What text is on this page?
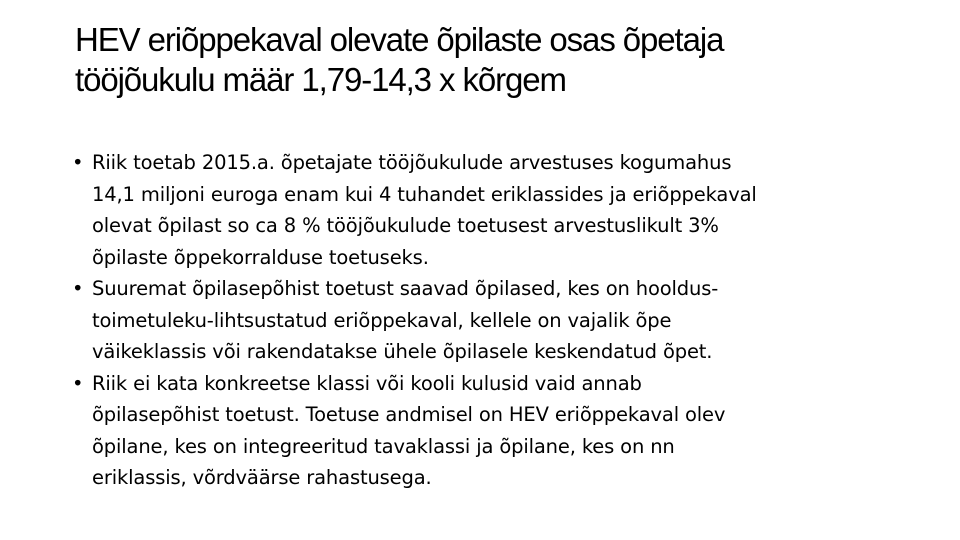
HEV eriõppekaval olevate õpilaste osas õpetaja
tööjõukulu määr 1,79-14,3 x kõrgem
• Riik toetab 2015.a. õpetajate tööjõukulude arvestuses kogumahus
14,1 miljoni euroga enam kui 4 tuhandet eriklassides ja eriõppekaval
olevat õpilast so ca 8 % tööjõukulude toetusest arvestuslikult 3%
õpilaste õppekorralduse toetuseks.
• Suuremat õpilasepõhist toetust saavad õpilased, kes on hooldus-
toimetuleku-lihtsustatud eriõppekaval, kellele on vajalik õpe
väikeklassis või rakendatakse ühele õpilasele keskendatud õpet.
• Riik ei kata konkreetse klassi või kooli kulusid vaid annab
õpilasepõhist toetust. Toetuse andmisel on HEV eriõppekaval olev
õpilane, kes on integreeritud tavaklassi ja õpilane, kes on nn
eriklassis, võrdväärse rahastusega.
